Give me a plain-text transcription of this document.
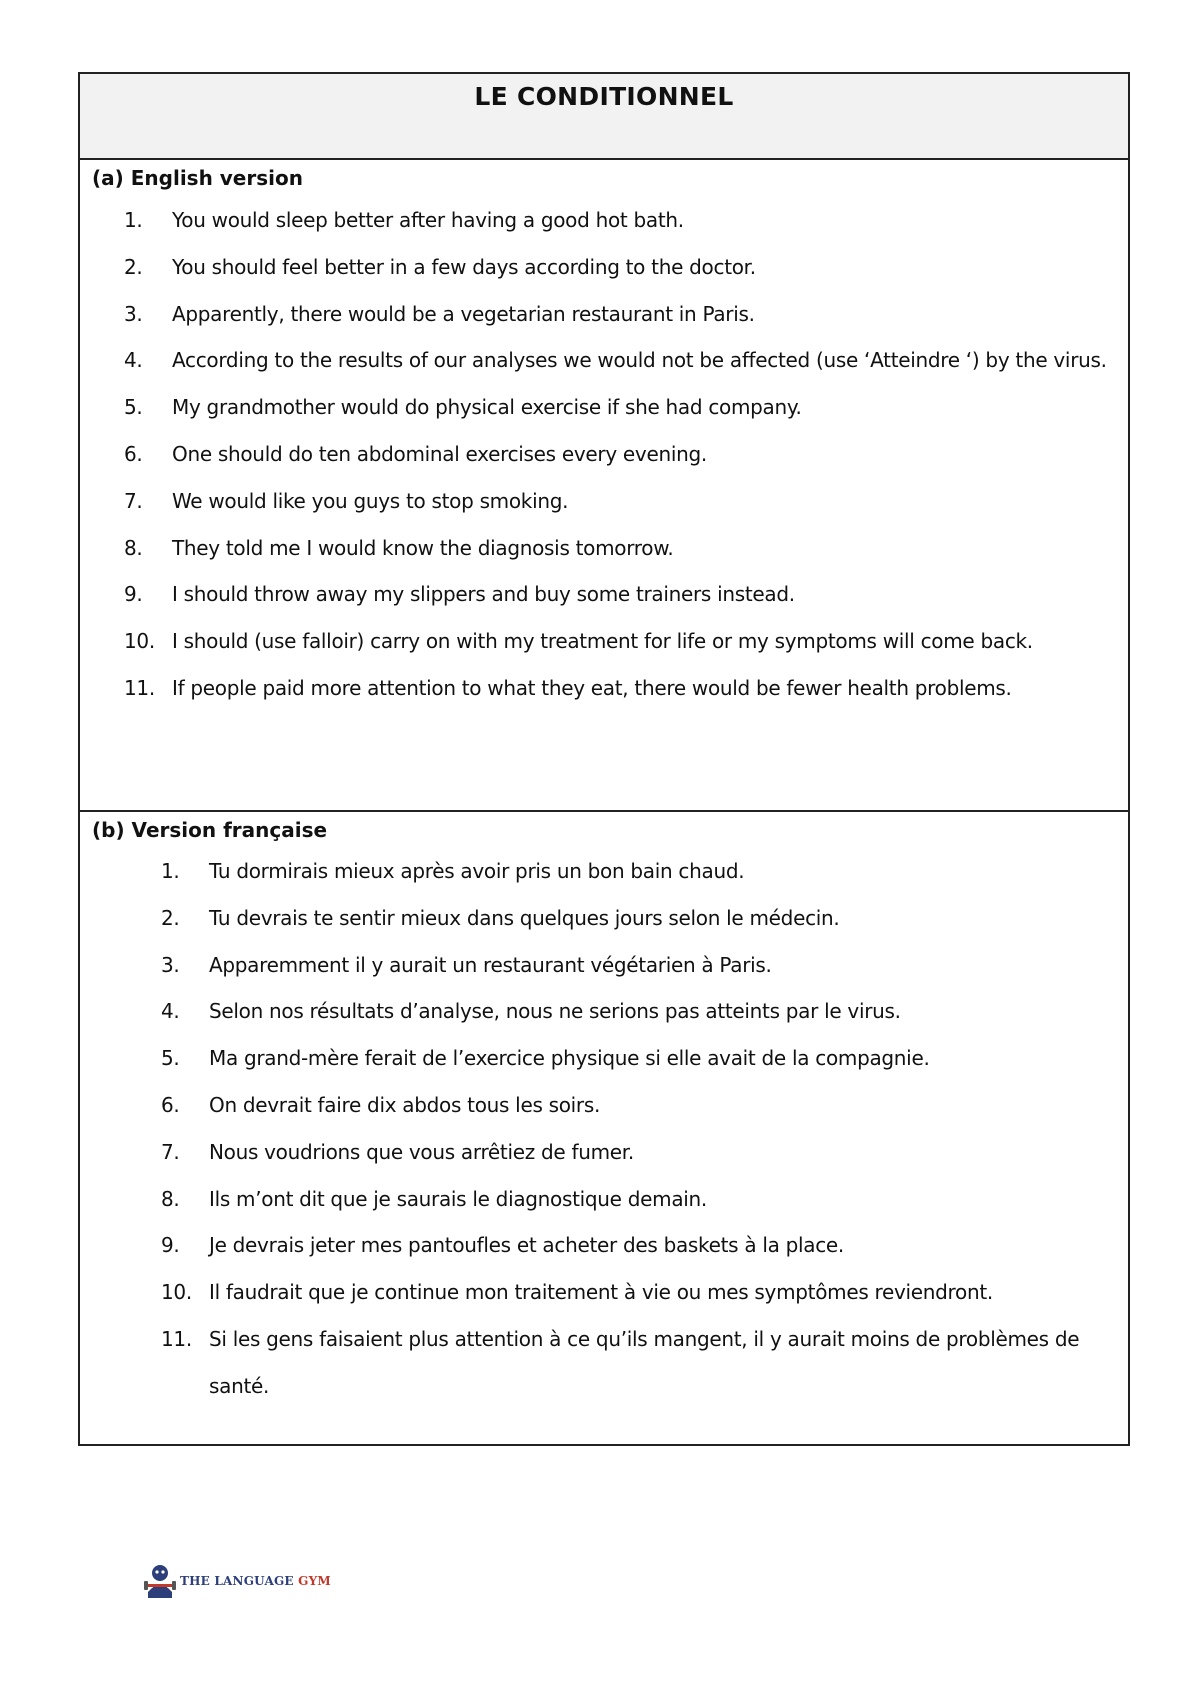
LE CONDITIONNEL

(a) English version

1. You would sleep better after having a good hot bath.
2. You should feel better in a few days according to the doctor.
3. Apparently, there would be a vegetarian restaurant in Paris.
4. According to the results of our analyses we would not be affected (use ‘Atteindre ‘) by the virus.
5. My grandmother would do physical exercise if she had company.
6. One should do ten abdominal exercises every evening.
7. We would like you guys to stop smoking.
8. They told me I would know the diagnosis tomorrow.
9. I should throw away my slippers and buy some trainers instead.
10. I should (use falloir) carry on with my treatment for life or my symptoms will come back.
11. If people paid more attention to what they eat, there would be fewer health problems.

(b) Version française

1. Tu dormirais mieux après avoir pris un bon bain chaud.
2. Tu devrais te sentir mieux dans quelques jours selon le médecin.
3. Apparemment il y aurait un restaurant végétarien à Paris.
4. Selon nos résultats d’analyse, nous ne serions pas atteints par le virus.
5. Ma grand-mère ferait de l’exercice physique si elle avait de la compagnie.
6. On devrait faire dix abdos tous les soirs.
7. Nous voudrions que vous arrêtiez de fumer.
8. Ils m’ont dit que je saurais le diagnostique demain.
9. Je devrais jeter mes pantoufles et acheter des baskets à la place.
10. Il faudrait que je continue mon traitement à vie ou mes symptômes reviendront.
11. Si les gens faisaient plus attention à ce qu’ils mangent, il y aurait moins de problèmes de santé.
THE LANGUAGE GYM
